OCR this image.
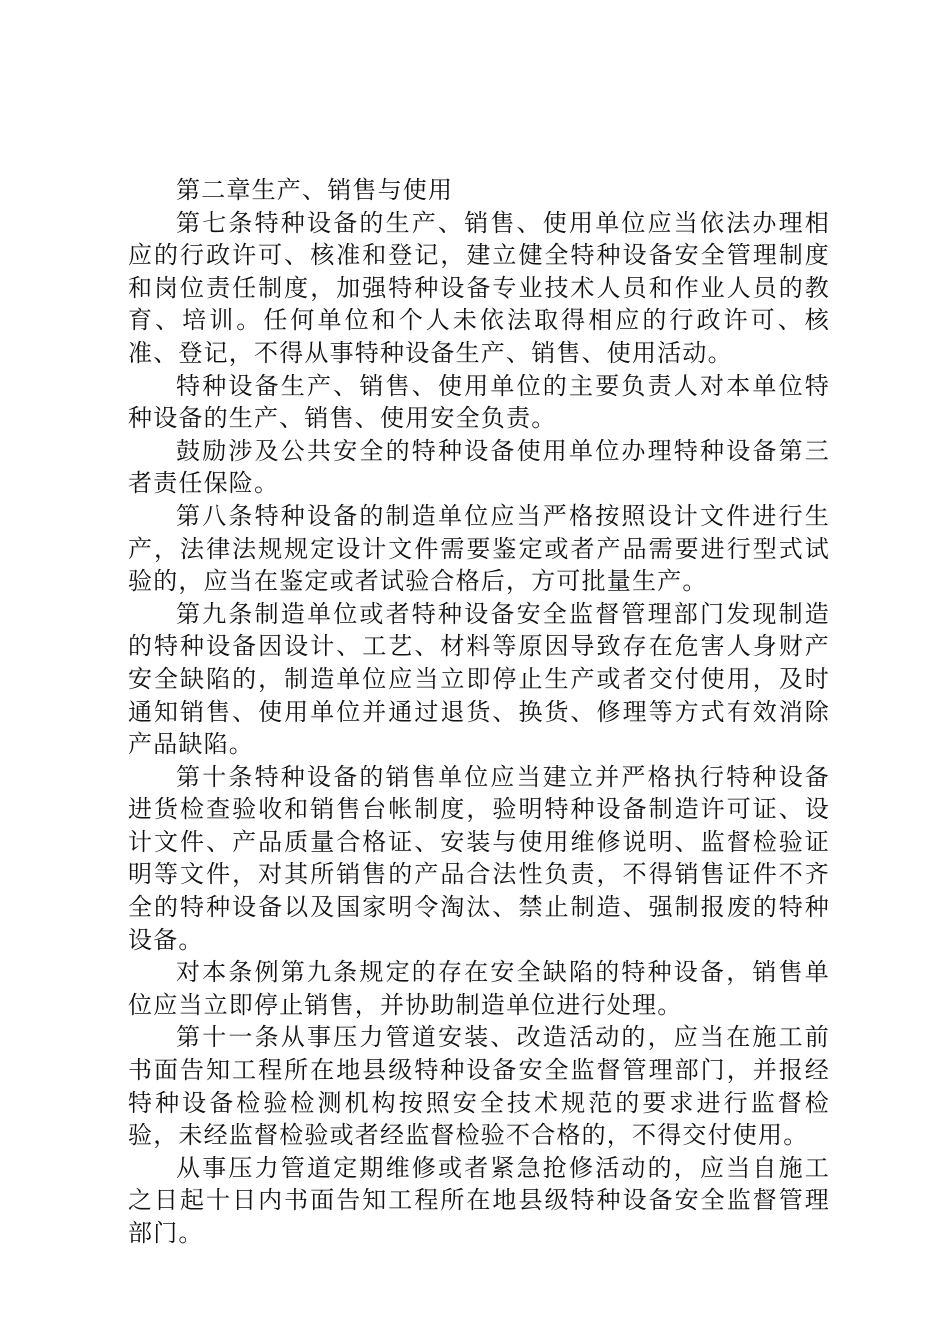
第二章生产、销售与使用

第七条特种设备的生产、销售、使用单位应当依法办理相应的行政许可、核准和登记，建立健全特种设备安全管理制度和岗位责任制度，加强特种设备专业技术人员和作业人员的教育、培训。任何单位和个人未依法取得相应的行政许可、核准、登记，不得从事特种设备生产、销售、使用活动。

特种设备生产、销售、使用单位的主要负责人对本单位特种设备的生产、销售、使用安全负责。

鼓励涉及公共安全的特种设备使用单位办理特种设备第三者责任保险。

第八条特种设备的制造单位应当严格按照设计文件进行生产，法律法规规定设计文件需要鉴定或者产品需要进行型式试验的，应当在鉴定或者试验合格后，方可批量生产。

第九条制造单位或者特种设备安全监督管理部门发现制造的特种设备因设计、工艺、材料等原因导致存在危害人身财产安全缺陷的，制造单位应当立即停止生产或者交付使用，及时通知销售、使用单位并通过退货、换货、修理等方式有效消除产品缺陷。

第十条特种设备的销售单位应当建立并严格执行特种设备进货检查验收和销售台帐制度，验明特种设备制造许可证、设计文件、产品质量合格证、安装与使用维修说明、监督检验证明等文件，对其所销售的产品合法性负责，不得销售证件不齐全的特种设备以及国家明令淘汰、禁止制造、强制报废的特种设备。

对本条例第九条规定的存在安全缺陷的特种设备，销售单位应当立即停止销售，并协助制造单位进行处理。

第十一条从事压力管道安装、改造活动的，应当在施工前书面告知工程所在地县级特种设备安全监督管理部门，并报经特种设备检验检测机构按照安全技术规范的要求进行监督检验，未经监督检验或者经监督检验不合格的，不得交付使用。

从事压力管道定期维修或者紧急抢修活动的，应当自施工之日起十日内书面告知工程所在地县级特种设备安全监督管理部门。
